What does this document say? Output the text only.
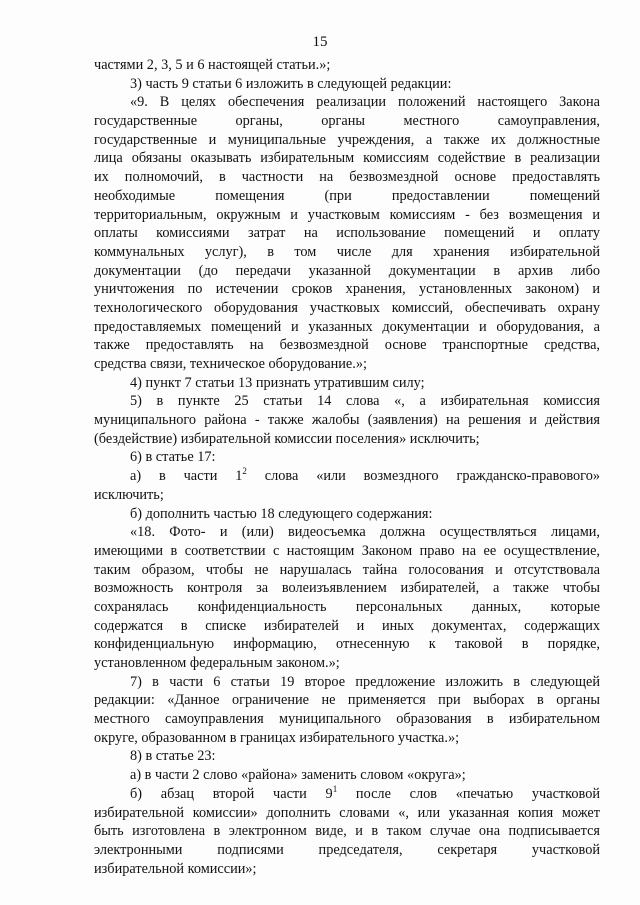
15
частями 2, 3, 5 и 6 настоящей статьи.»;
3) часть 9 статьи 6 изложить в следующей редакции:
«9. В целях обеспечения реализации положений настоящего Закона
государственные органы, органы местного самоуправления,
государственные и муниципальные учреждения, а также их должностные
лица обязаны оказывать избирательным комиссиям содействие в реализации
их полномочий, в частности на безвозмездной основе предоставлять
необходимые помещения (при предоставлении помещений
территориальным, окружным и участковым комиссиям - без возмещения и
оплаты комиссиями затрат на использование помещений и оплату
коммунальных услуг), в том числе для хранения избирательной
документации (до передачи указанной документации в архив либо
уничтожения по истечении сроков хранения, установленных законом) и
технологического оборудования участковых комиссий, обеспечивать охрану
предоставляемых помещений и указанных документации и оборудования, а
также предоставлять на безвозмездной основе транспортные средства,
средства связи, техническое оборудование.»;
4) пункт 7 статьи 13 признать утратившим силу;
5) в пункте 25 статьи 14 слова «, а избирательная комиссия
муниципального района - также жалобы (заявления) на решения и действия
(бездействие) избирательной комиссии поселения» исключить;
6) в статье 17:
а) в части $1^2$ слова «или возмездного гражданско-правового»
исключить;
б) дополнить частью 18 следующего содержания:
«18. Фото- и (или) видеосъемка должна осуществляться лицами,
имеющими в соответствии с настоящим Законом право на ее осуществление,
таким образом, чтобы не нарушалась тайна голосования и отсутствовала
возможность контроля за волеизъявлением избирателей, а также чтобы
сохранялась конфиденциальность персональных данных, которые
содержатся в списке избирателей и иных документах, содержащих
конфиденциальную информацию, отнесенную к таковой в порядке,
установленном федеральным законом.»;
7) в части 6 статьи 19 второе предложение изложить в следующей
редакции: «Данное ограничение не применяется при выборах в органы
местного самоуправления муниципального образования в избирательном
округе, образованном в границах избирательного участка.»;
8) в статье 23:
а) в части 2 слово «района» заменить словом «округа»;
б) абзац второй части $9^1$ после слов «печатью участковой
избирательной комиссии» дополнить словами «, или указанная копия может
быть изготовлена в электронном виде, и в таком случае она подписывается
электронными подписями председателя, секретаря участковой
избирательной комиссии»;
